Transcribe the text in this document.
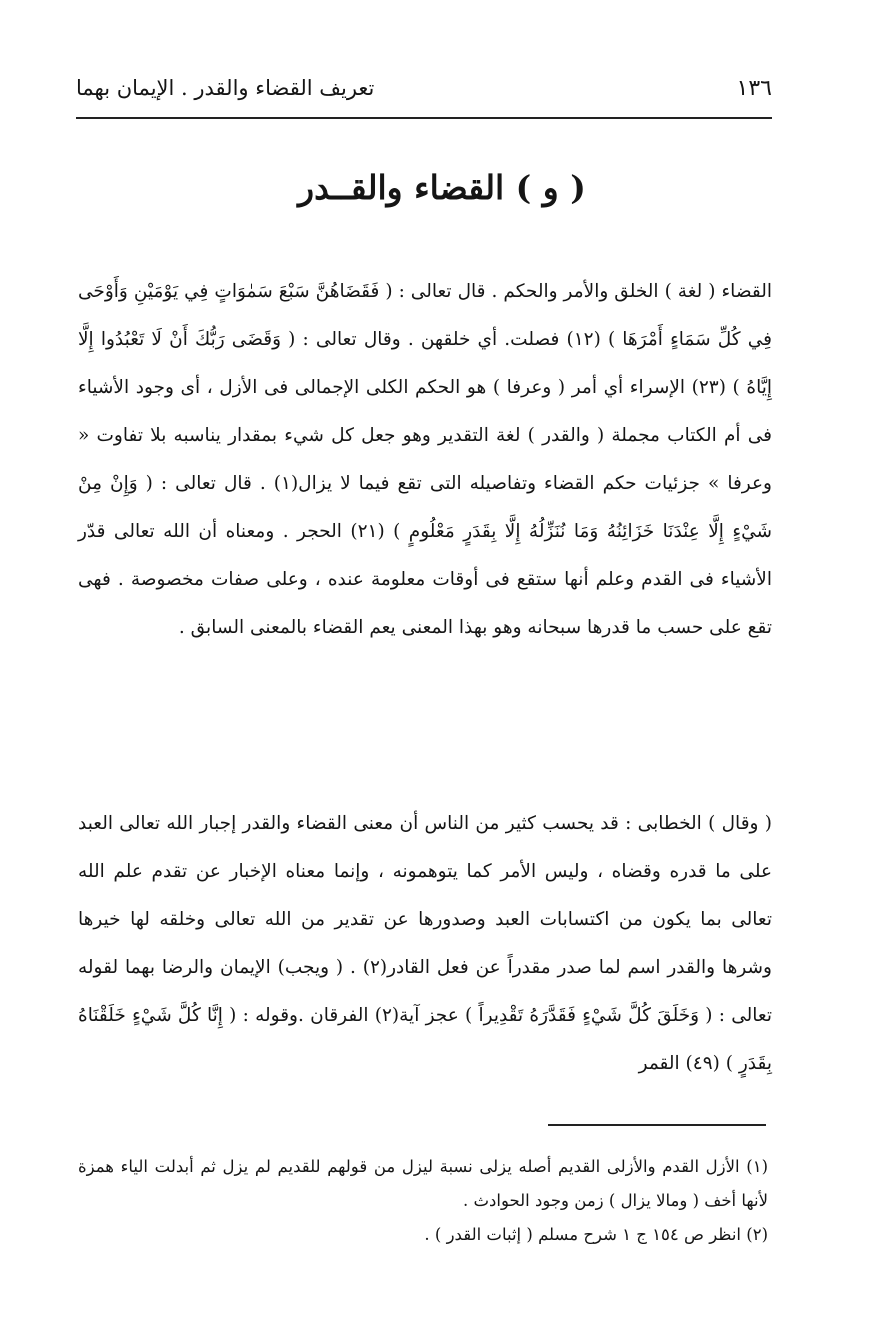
١٣٦
تعريف القضاء والقدر . الإيمان بهما
( و ) القضاء والقــدر

القضاء ( لغة ) الخلق والأمر والحكم . قال تعالى : ( فَقَضَاهُنَّ سَبْعَ سَمٰوَاتٍ فِي يَوْمَيْنِ وَأَوْحَى فِي كُلِّ سَمَاءٍ أَمْرَهَا ) (١٢) فصلت. أي خلقهن . وقال تعالى : ( وَقَضَى رَبُّكَ أَنْ لَا تَعْبُدُوا إِلَّا إِيَّاهُ ) (٢٣) الإسراء أي أمر ( وعرفا ) هو الحكم الكلى الإجمالى فى الأزل ، أى وجود الأشياء فى أم الكتاب مجملة ( والقدر ) لغة التقدير وهو جعل كل شيء بمقدار يناسبه بلا تفاوت « وعرفا » جزئيات حكم القضاء وتفاصيله التى تقع فيما لا يزال(١) . قال تعالى : ( وَإِنْ مِنْ شَيْءٍ إِلَّا عِنْدَنَا خَزَائِنُهُ وَمَا نُنَزِّلُهُ إِلَّا بِقَدَرٍ مَعْلُومٍ ) (٢١) الحجر . ومعناه أن الله تعالى قدّر الأشياء فى القدم وعلم أنها ستقع فى أوقات معلومة عنده ، وعلى صفات مخصوصة . فهى تقع على حسب ما قدرها سبحانه وهو بهذا المعنى يعم القضاء بالمعنى السابق .

( وقال ) الخطابى : قد يحسب كثير من الناس أن معنى القضاء والقدر إجبار الله تعالى العبد على ما قدره وقضاه ، وليس الأمر كما يتوهمونه ، وإنما معناه الإخبار عن تقدم علم الله تعالى بما يكون من اكتسابات العبد وصدورها عن تقدير من الله تعالى وخلقه لها خيرها وشرها والقدر اسم لما صدر مقدراً عن فعل القادر(٢) . ( ويجب) الإيمان والرضا بهما لقوله تعالى : ( وَخَلَقَ كُلَّ شَيْءٍ فَقَدَّرَهُ تَقْدِيراً ) عجز آية(٢) الفرقان .وقوله : ( إِنَّا كُلَّ شَيْءٍ خَلَقْنَاهُ بِقَدَرٍ ) (٤٩) القمر

(١) الأزل القدم والأزلى القديم أصله يزلى نسبة ليزل من قولهم للقديم لم يزل ثم أبدلت الياء همزة لأنها أخف ( ومالا يزال ) زمن وجود الحوادث .
(٢) انظر ص ١٥٤ ج ١ شرح مسلم ( إثبات القدر ) .
